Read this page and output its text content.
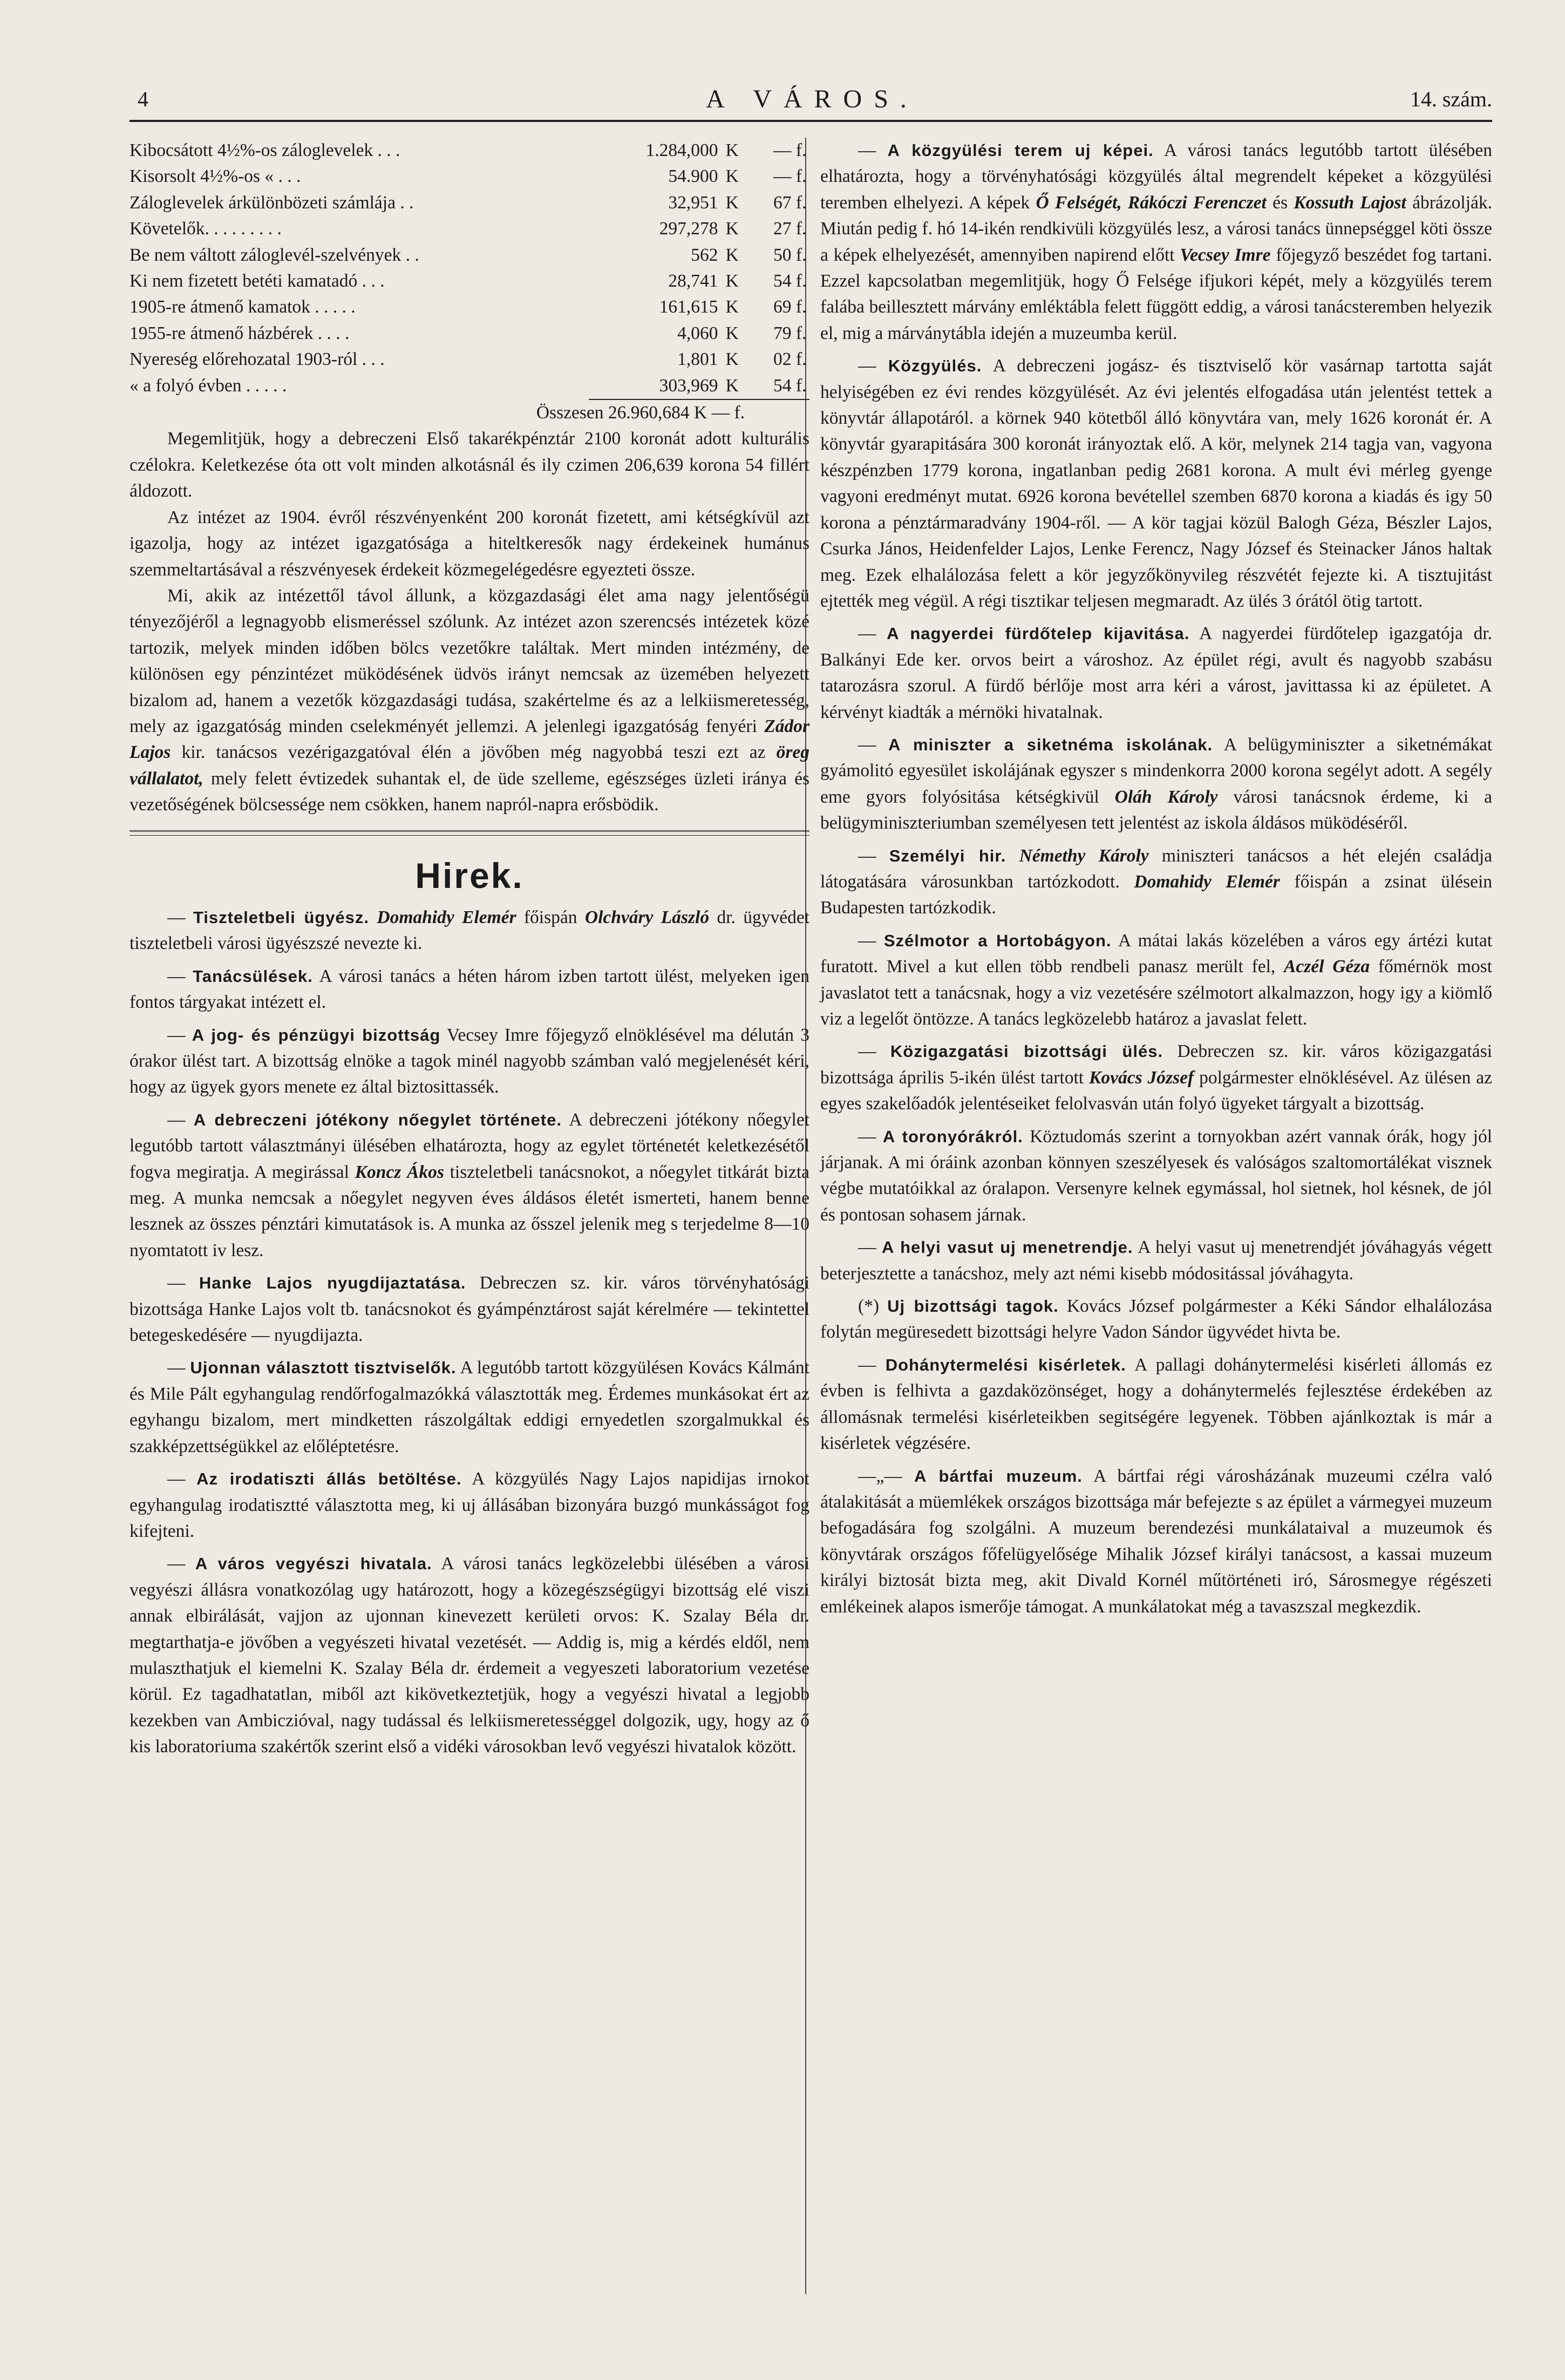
4	A VÁROS.	14. szám.
Kibocsátott 4½%-os záloglevelek . . .	1.284,000	K	— f.
Kisorsolt 4½%-os « . . .	54.900	K	— f.
Záloglevelek árkülönbözeti számlája . .	32,951	K	67 f.
Követelők. . . . . . . . .	297,278	K	27 f.
Be nem váltott záloglevél-szelvények . .	562	K	50 f.
Ki nem fizetett betéti kamatadó . . .	28,741	K	54 f.
1905-re átmenő kamatok . . . . .	161,615	K	69 f.
1955-re átmenő házbérek . . . .	4,060	K	79 f.
Nyereség előrehozatal 1903-ról . . .	1,801	K	02 f.
« a folyó évben . . . . .	303,969	K	54 f.
Összesen 26.960,684 K — f.

Megemlitjük, hogy a debreczeni Első takarékpénztár 2100 koronát adott kulturális czélokra. Keletkezése óta ott volt minden alkotásnál és ily czimen 206,639 korona 54 fillért áldozott.

Az intézet az 1904. évről részvényenként 200 koronát fizetett, ami kétségkívül azt igazolja, hogy az intézet igazgatósága a hiteltkeresők nagy érdekeinek humánus szemmeltartásával a részvényesek érdekeit közmegelégedésre egyezteti össze.

Mi, akik az intézettől távol állunk, a közgazdasági élet ama nagy jelentőségü tényezőjéről a legnagyobb elismeréssel szólunk. Az intézet azon szerencsés intézetek közé tartozik, melyek minden időben bölcs vezetőkre találtak. Mert minden intézmény, de különösen egy pénzintézet müködésének üdvös irányt nemcsak az üzemében helyezett bizalom ad, hanem a vezetők közgazdasági tudása, szakértelme és az a lelkiismeretesség, mely az igazgatóság minden cselekményét jellemzi. A jelenlegi igazgatóság fenyéri Zádor Lajos kir. tanácsos vezérigazgatóval élén a jövőben még nagyobbá teszi ezt az öreg vállalatot, mely felett évtizedek suhantak el, de üde szelleme, egészséges üzleti iránya és vezetőségének bölcsessége nem csökken, hanem napról-napra erősbödik.

Hirek.

— Tiszteletbeli ügyész. Domahidy Elemér főispán Olchváry László dr. ügyvédet tiszteletbeli városi ügyészszé nevezte ki.

— Tanácsülések. A városi tanács a héten három izben tartott ülést, melyeken igen fontos tárgyakat intézett el.

— A jog- és pénzügyi bizottság Vecsey Imre főjegyző elnöklésével ma délután 3 órakor ülést tart. A bizottság elnöke a tagok minél nagyobb számban való megjelenését kéri, hogy az ügyek gyors menete ez által biztosittassék.

— A debreczeni jótékony nőegylet története. A debreczeni jótékony nőegylet legutóbb tartott választmányi ülésében elhatározta, hogy az egylet történetét keletkezésétől fogva megiratja. A megirással Koncz Ákos tiszteletbeli tanácsnokot, a nőegylet titkárát bizta meg. A munka nemcsak a nőegylet negyven éves áldásos életét ismerteti, hanem benne lesznek az összes pénztári kimutatások is. A munka az ősszel jelenik meg s terjedelme 8—10 nyomtatott iv lesz.

— Hanke Lajos nyugdijaztatása. Debreczen sz. kir. város törvényhatósági bizottsága Hanke Lajos volt tb. tanácsnokot és gyámpénztárost saját kérelmére — tekintettel betegeskedésére — nyugdijazta.

— Ujonnan választott tisztviselők. A legutóbb tartott közgyülésen Kovács Kálmánt és Mile Pált egyhangulag rendőrfogalmazókká választották meg. Érdemes munkásokat ért az egyhangu bizalom, mert mindketten rászolgáltak eddigi ernyedetlen szorgalmukkal és szakképzettségükkel az előléptetésre.

— Az irodatiszti állás betöltése. A közgyülés Nagy Lajos napidijas irnokot egyhangulag irodatisztté választotta meg, ki uj állásában bizonyára buzgó munkásságot fog kifejteni.

— A város vegyészi hivatala. A városi tanács legközelebbi ülésében a városi vegyészi állásra vonatkozólag ugy határozott, hogy a közegészségügyi bizottság elé viszi annak elbirálását, vajjon az ujonnan kinevezett kerületi orvos: K. Szalay Béla dr. megtarthatja-e jövőben a vegyészeti hivatal vezetését. — Addig is, mig a kérdés eldől, nem mulaszthatjuk el kiemelni K. Szalay Béla dr. érdemeit a vegyeszeti laboratorium vezetése körül. Ez tagadhatatlan, miből azt kikövetkeztetjük, hogy a vegyészi hivatal a legjobb kezekben van Ambiczióval, nagy tudással és lelkiismeretességgel dolgozik, ugy, hogy az ő kis laboratoriuma szakértők szerint első a vidéki városokban levő vegyészi hivatalok között.

— A közgyülési terem uj képei. A városi tanács legutóbb tartott ülésében elhatározta, hogy a törvényhatósági közgyülés által megrendelt képeket a közgyülési teremben elhelyezi. A képek Ő Felségét, Rákóczi Ferenczet és Kossuth Lajost ábrázolják. Miután pedig f. hó 14-ikén rendkivüli közgyülés lesz, a városi tanács ünnepséggel köti össze a képek elhelyezését, amennyiben napirend előtt Vecsey Imre főjegyző beszédet fog tartani. Ezzel kapcsolatban megemlitjük, hogy Ő Felsége ifjukori képét, mely a közgyülés terem falába beillesztett márvány emléktábla felett függött eddig, a városi tanácsteremben helyezik el, mig a márványtábla idején a muzeumba kerül.

— Közgyülés. A debreczeni jogász- és tisztviselő kör vasárnap tartotta saját helyiségében ez évi rendes közgyülését. Az évi jelentés elfogadása után jelentést tettek a könyvtár állapotáról. a körnek 940 kötetből álló könyvtára van, mely 1626 koronát ér. A könyvtár gyarapitására 300 koronát irányoztak elő. A kör, melynek 214 tagja van, vagyona készpénzben 1779 korona, ingatlanban pedig 2681 korona. A mult évi mérleg gyenge vagyoni eredményt mutat. 6926 korona bevétellel szemben 6870 korona a kiadás és igy 50 korona a pénztármaradvány 1904-ről. — A kör tagjai közül Balogh Géza, Bészler Lajos, Csurka János, Heidenfelder Lajos, Lenke Ferencz, Nagy József és Steinacker János haltak meg. Ezek elhalálozása felett a kör jegyzőkönyvileg részvétét fejezte ki. A tisztujitást ejtették meg végül. A régi tisztikar teljesen megmaradt. Az ülés 3 órától ötig tartott.

— A nagyerdei fürdőtelep kijavitása. A nagyerdei fürdőtelep igazgatója dr. Balkányi Ede ker. orvos beirt a városhoz. Az épület régi, avult és nagyobb szabásu tatarozásra szorul. A fürdő bérlője most arra kéri a várost, javittassa ki az épületet. A kérvényt kiadták a mérnöki hivatalnak.

— A miniszter a siketnéma iskolának. A belügyminiszter a siketnémákat gyámolitó egyesület iskolájának egyszer s mindenkorra 2000 korona segélyt adott. A segély eme gyors folyósitása kétségkivül Oláh Károly városi tanácsnok érdeme, ki a belügyminiszteriumban személyesen tett jelentést az iskola áldásos müködéséről.

— Személyi hir. Némethy Károly miniszteri tanácsos a hét elején családja látogatására városunkban tartózkodott. Domahidy Elemér főispán a zsinat ülésein Budapesten tartózkodik.

— Szélmotor a Hortobágyon. A mátai lakás közelében a város egy ártézi kutat furatott. Mivel a kut ellen több rendbeli panasz merült fel, Aczél Géza főmérnök most javaslatot tett a tanácsnak, hogy a viz vezetésére szélmotort alkalmazzon, hogy igy a kiömlő viz a legelőt öntözze. A tanács legközelebb határoz a javaslat felett.

— Közigazgatási bizottsági ülés. Debreczen sz. kir. város közigazgatási bizottsága április 5-ikén ülést tartott Kovács József polgármester elnöklésével. Az ülésen az egyes szakelőadók jelentéseiket felolvasván után folyó ügyeket tárgyalt a bizottság.

— A toronyórákról. Köztudomás szerint a tornyokban azért vannak órák, hogy jól járjanak. A mi óráink azonban könnyen szeszélyesek és valóságos szaltomortálékat visznek végbe mutatóikkal az óralapon. Versenyre kelnek egymással, hol sietnek, hol késnek, de jól és pontosan sohasem járnak.

— A helyi vasut uj menetrendje. A helyi vasut uj menetrendjét jóváhagyás végett beterjesztette a tanácshoz, mely azt némi kisebb módositással jóváhagyta.

(*) Uj bizottsági tagok. Kovács József polgármester a Kéki Sándor elhalálozása folytán megüresedett bizottsági helyre Vadon Sándor ügyvédet hivta be.

— Dohánytermelési kisérletek. A pallagi dohánytermelési kisérleti állomás ez évben is felhivta a gazdaközönséget, hogy a dohánytermelés fejlesztése érdekében az állomásnak termelési kisérleteikben segitségére legyenek. Többen ajánlkoztak is már a kisérletek végzésére.

—„— A bártfai muzeum. A bártfai régi városházának muzeumi czélra való átalakitását a müemlékek országos bizottsága már befejezte s az épület a vármegyei muzeum befogadására fog szolgálni. A muzeum berendezési munkálataival a muzeumok és könyvtárak országos főfelügyelősége Mihalik József királyi tanácsost, a kassai muzeum királyi biztosát bizta meg, akit Divald Kornél műtörténeti iró, Sárosmegye régészeti emlékeinek alapos ismerője támogat. A munkálatokat még a tavaszszal megkezdik.
